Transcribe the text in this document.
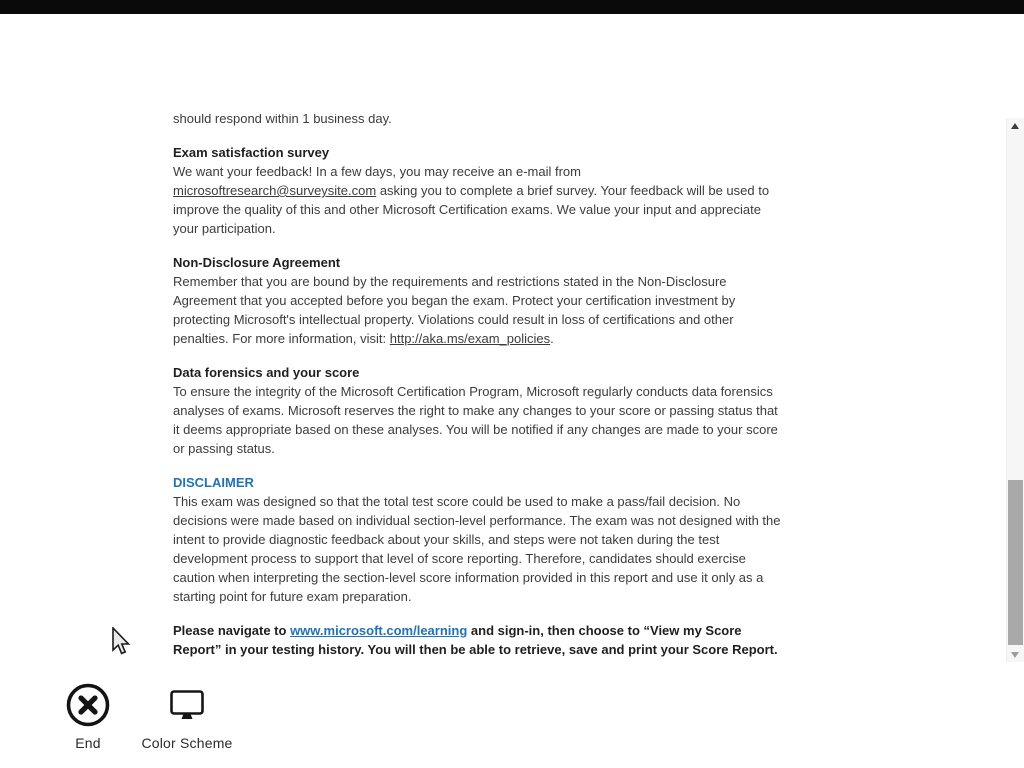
should respond within 1 business day.
Exam satisfaction survey
We want your feedback! In a few days, you may receive an e-mail from
microsoftresearch@surveysite.com asking you to complete a brief survey. Your feedback will be used to
improve the quality of this and other Microsoft Certification exams. We value your input and appreciate
your participation.
Non-Disclosure Agreement
Remember that you are bound by the requirements and restrictions stated in the Non-Disclosure
Agreement that you accepted before you began the exam. Protect your certification investment by
protecting Microsoft's intellectual property. Violations could result in loss of certifications and other
penalties. For more information, visit: http://aka.ms/exam_policies.
Data forensics and your score
To ensure the integrity of the Microsoft Certification Program, Microsoft regularly conducts data forensics
analyses of exams. Microsoft reserves the right to make any changes to your score or passing status that
it deems appropriate based on these analyses. You will be notified if any changes are made to your score
or passing status.
DISCLAIMER
This exam was designed so that the total test score could be used to make a pass/fail decision. No
decisions were made based on individual section-level performance. The exam was not designed with the
intent to provide diagnostic feedback about your skills, and steps were not taken during the test
development process to support that level of score reporting. Therefore, candidates should exercise
caution when interpreting the section-level score information provided in this report and use it only as a
starting point for future exam preparation.
Please navigate to www.microsoft.com/learning and sign-in, then choose to “View my Score
Report” in your testing history. You will then be able to retrieve, save and print your Score Report.
End	Color Scheme
